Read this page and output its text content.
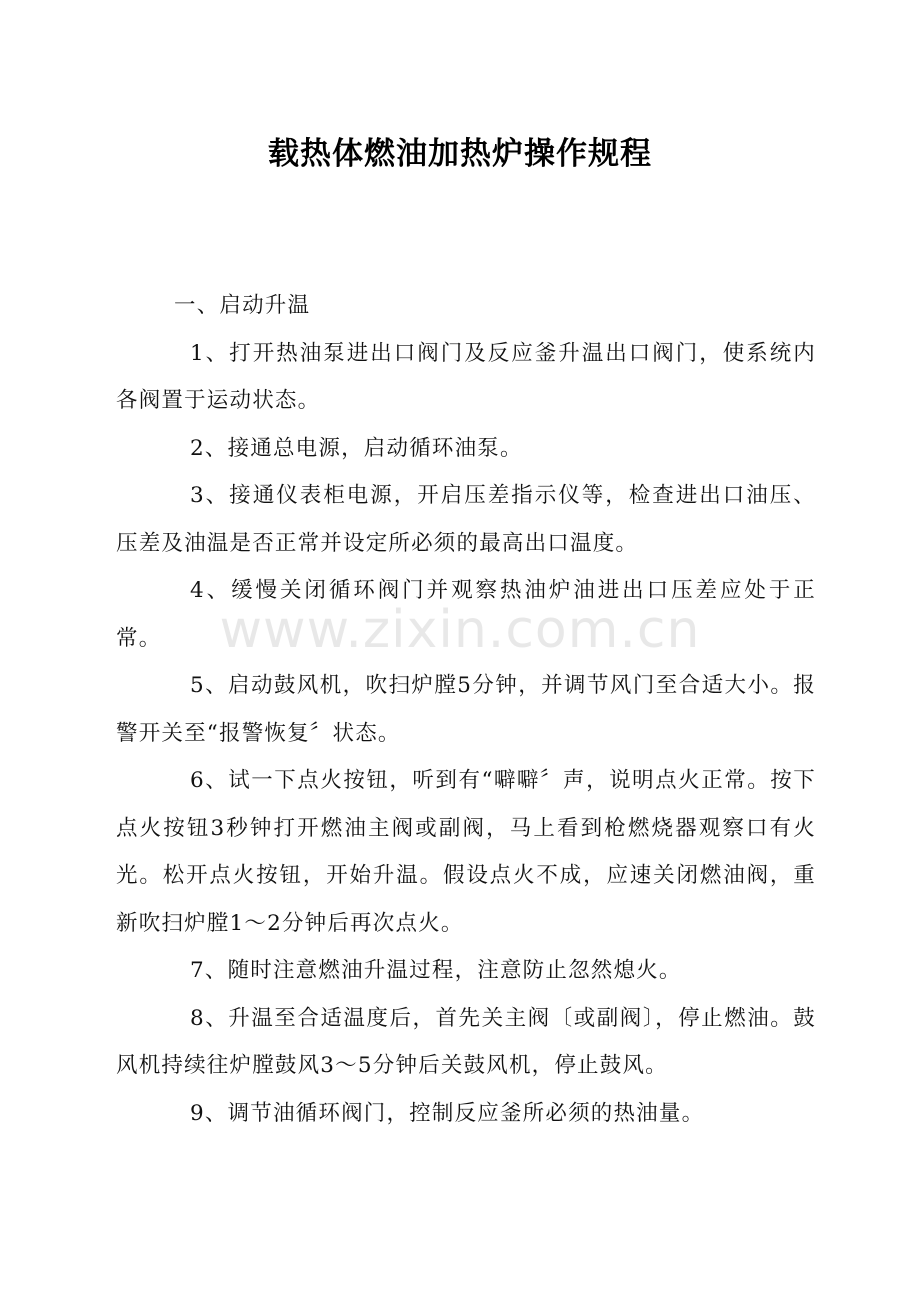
载热体燃油加热炉操作规程

一、启动升温

1、打开热油泵进出口阀门及反应釜升温出口阀门，使系统内各阀置于运动状态。

2、接通总电源，启动循环油泵。

3、接通仪表柜电源，开启压差指示仪等，检查进出口油压、压差及油温是否正常并设定所必须的最高出口温度。

4、缓慢关闭循环阀门并观察热油炉油进出口压差应处于正常。

5、启动鼓风机，吹扫炉膛5分钟，并调节风门至合适大小。报警开关至“报警恢复〞状态。

6、试一下点火按钮，听到有“噼噼〞声，说明点火正常。按下点火按钮3秒钟打开燃油主阀或副阀，马上看到枪燃烧器观察口有火光。松开点火按钮，开始升温。假设点火不成，应速关闭燃油阀，重新吹扫炉膛1～2分钟后再次点火。

7、随时注意燃油升温过程，注意防止忽然熄火。

8、升温至合适温度后，首先关主阀〔或副阀〕，停止燃油。鼓风机持续往炉膛鼓风3～5分钟后关鼓风机，停止鼓风。

9、调节油循环阀门，控制反应釜所必须的热油量。

www.zixin.com.cn
